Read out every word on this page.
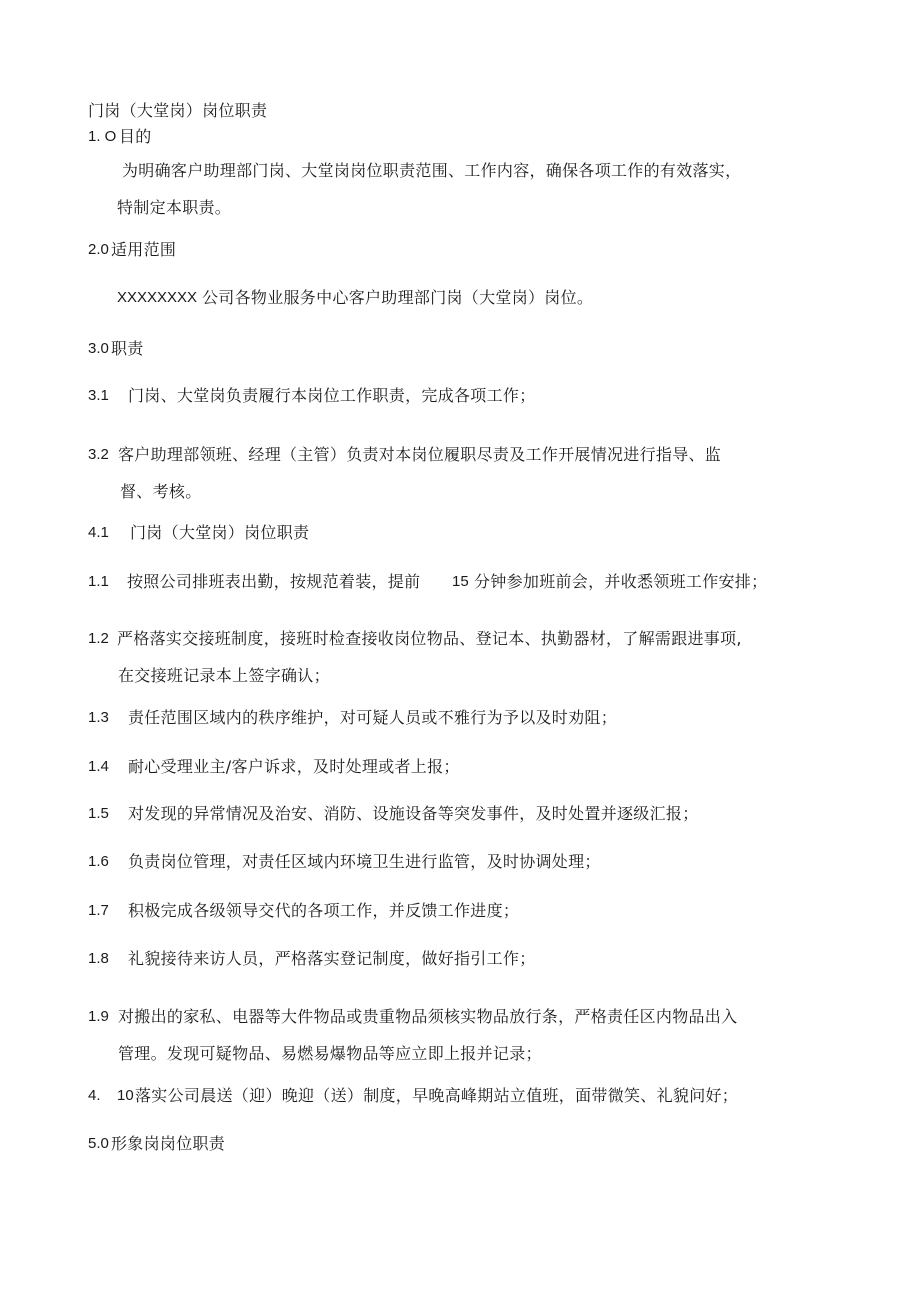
门岗（大堂岗）岗位职责
1. O 目的
为明确客户助理部门岗、大堂岗岗位职责范围、工作内容，确保各项工作的有效落实，
特制定本职责。
2.0 适用范围
XXXXXXXX 公司各物业服务中心客户助理部门岗（大堂岗）岗位。
3.0 职责
3.1 门岗、大堂岗负责履行本岗位工作职责，完成各项工作；
3.2 客户助理部领班、经理（主管）负责对本岗位履职尽责及工作开展情况进行指导、监
督、考核。
4.1 门岗（大堂岗）岗位职责
1.1 按照公司排班表出勤，按规范着装，提前 15 分钟参加班前会，并收悉领班工作安排；
1.2 严格落实交接班制度，接班时检查接收岗位物品、登记本、执勤器材，了解需跟进事项,
在交接班记录本上签字确认；
1.3 责任范围区域内的秩序维护，对可疑人员或不雅行为予以及时劝阻；
1.4 耐心受理业主/客户诉求，及时处理或者上报；
1.5 对发现的异常情况及治安、消防、设施设备等突发事件，及时处置并逐级汇报；
1.6 负责岗位管理，对责任区域内环境卫生进行监管，及时协调处理；
1.7 积极完成各级领导交代的各项工作，并反馈工作进度；
1.8 礼貌接待来访人员，严格落实登记制度，做好指引工作；
1.9 对搬出的家私、电器等大件物品或贵重物品须核实物品放行条，严格责任区内物品出入
管理。发现可疑物品、易燃易爆物品等应立即上报并记录；
4. 10 落实公司晨送（迎）晚迎（送）制度，早晚高峰期站立值班，面带微笑、礼貌问好；
5.0 形象岗岗位职责
